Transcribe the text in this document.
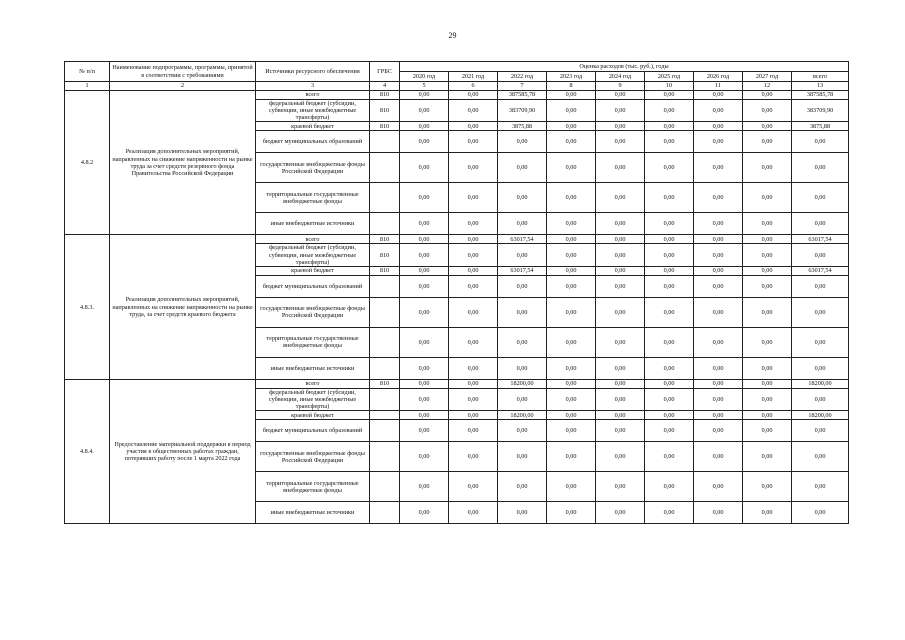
29
№ п/п	Наименование подпрограммы, программы, принятой в соответствии с требованиями	Источники ресурсного обеспечения	ГРБС	Оценка расходов (тыс. руб.), годы								
				2020 год	2021 год	2022 год	2023 год	2024 год	2025 год	2026 год	2027 год	всего
1	2	3	4	5	6	7	8	9	10	11	12	13
4.8.2	Реализация дополнительных мероприятий, направленных на снижение напряженности на рынке труда за счет средств резервного фонда Правительства Российской Федерации	всего	810	0,00	0,00	387585,78	0,00	0,00	0,00	0,00	0,00	387585,78
		федеральный бюджет (субсидии, субвенции, иные межбюджетные трансферты)	810	0,00	0,00	383709,90	0,00	0,00	0,00	0,00	0,00	383709,90
		краевой бюджет	810	0,00	0,00	3875,88	0,00	0,00	0,00	0,00	0,00	3875,88
		бюджет муниципальных образований		0,00	0,00	0,00	0,00	0,00	0,00	0,00	0,00	0,00
		государственные внебюджетные фонды Российской Федерации		0,00	0,00	0,00	0,00	0,00	0,00	0,00	0,00	0,00
		территориальные государственные внебюджетные фонды		0,00	0,00	0,00	0,00	0,00	0,00	0,00	0,00	0,00
		иные внебюджетные источники		0,00	0,00	0,00	0,00	0,00	0,00	0,00	0,00	0,00
4.8.3.	Реализация дополнительных мероприятий, направленных на снижение напряженности на рынке труда, за счет средств краевого бюджета	всего	810	0,00	0,00	63017,54	0,00	0,00	0,00	0,00	0,00	63017,54
		федеральный бюджет (субсидии, субвенции, иные межбюджетные трансферты)	810	0,00	0,00	0,00	0,00	0,00	0,00	0,00	0,00	0,00
		краевой бюджет	810	0,00	0,00	63017,54	0,00	0,00	0,00	0,00	0,00	63017,54
		бюджет муниципальных образований		0,00	0,00	0,00	0,00	0,00	0,00	0,00	0,00	0,00
		государственные внебюджетные фонды Российской Федерации		0,00	0,00	0,00	0,00	0,00	0,00	0,00	0,00	0,00
		территориальные государственные внебюджетные фонды		0,00	0,00	0,00	0,00	0,00	0,00	0,00	0,00	0,00
		иные внебюджетные источники		0,00	0,00	0,00	0,00	0,00	0,00	0,00	0,00	0,00
4.8.4.	Предоставление материальной поддержки в период участия в общественных работах граждан, потерявших работу после 1 марта 2022 года	всего	810	0,00	0,00	18200,00	0,00	0,00	0,00	0,00	0,00	18200,00
		федеральный бюджет (субсидии, субвенции, иные межбюджетные трансферты)		0,00	0,00	0,00	0,00	0,00	0,00	0,00	0,00	0,00
		краевой бюджет		0,00	0,00	18200,00	0,00	0,00	0,00	0,00	0,00	18200,00
		бюджет муниципальных образований		0,00	0,00	0,00	0,00	0,00	0,00	0,00	0,00	0,00
		государственные внебюджетные фонды Российской Федерации		0,00	0,00	0,00	0,00	0,00	0,00	0,00	0,00	0,00
		территориальные государственные внебюджетные фонды		0,00	0,00	0,00	0,00	0,00	0,00	0,00	0,00	0,00
		иные внебюджетные источники		0,00	0,00	0,00	0,00	0,00	0,00	0,00	0,00	0,00
